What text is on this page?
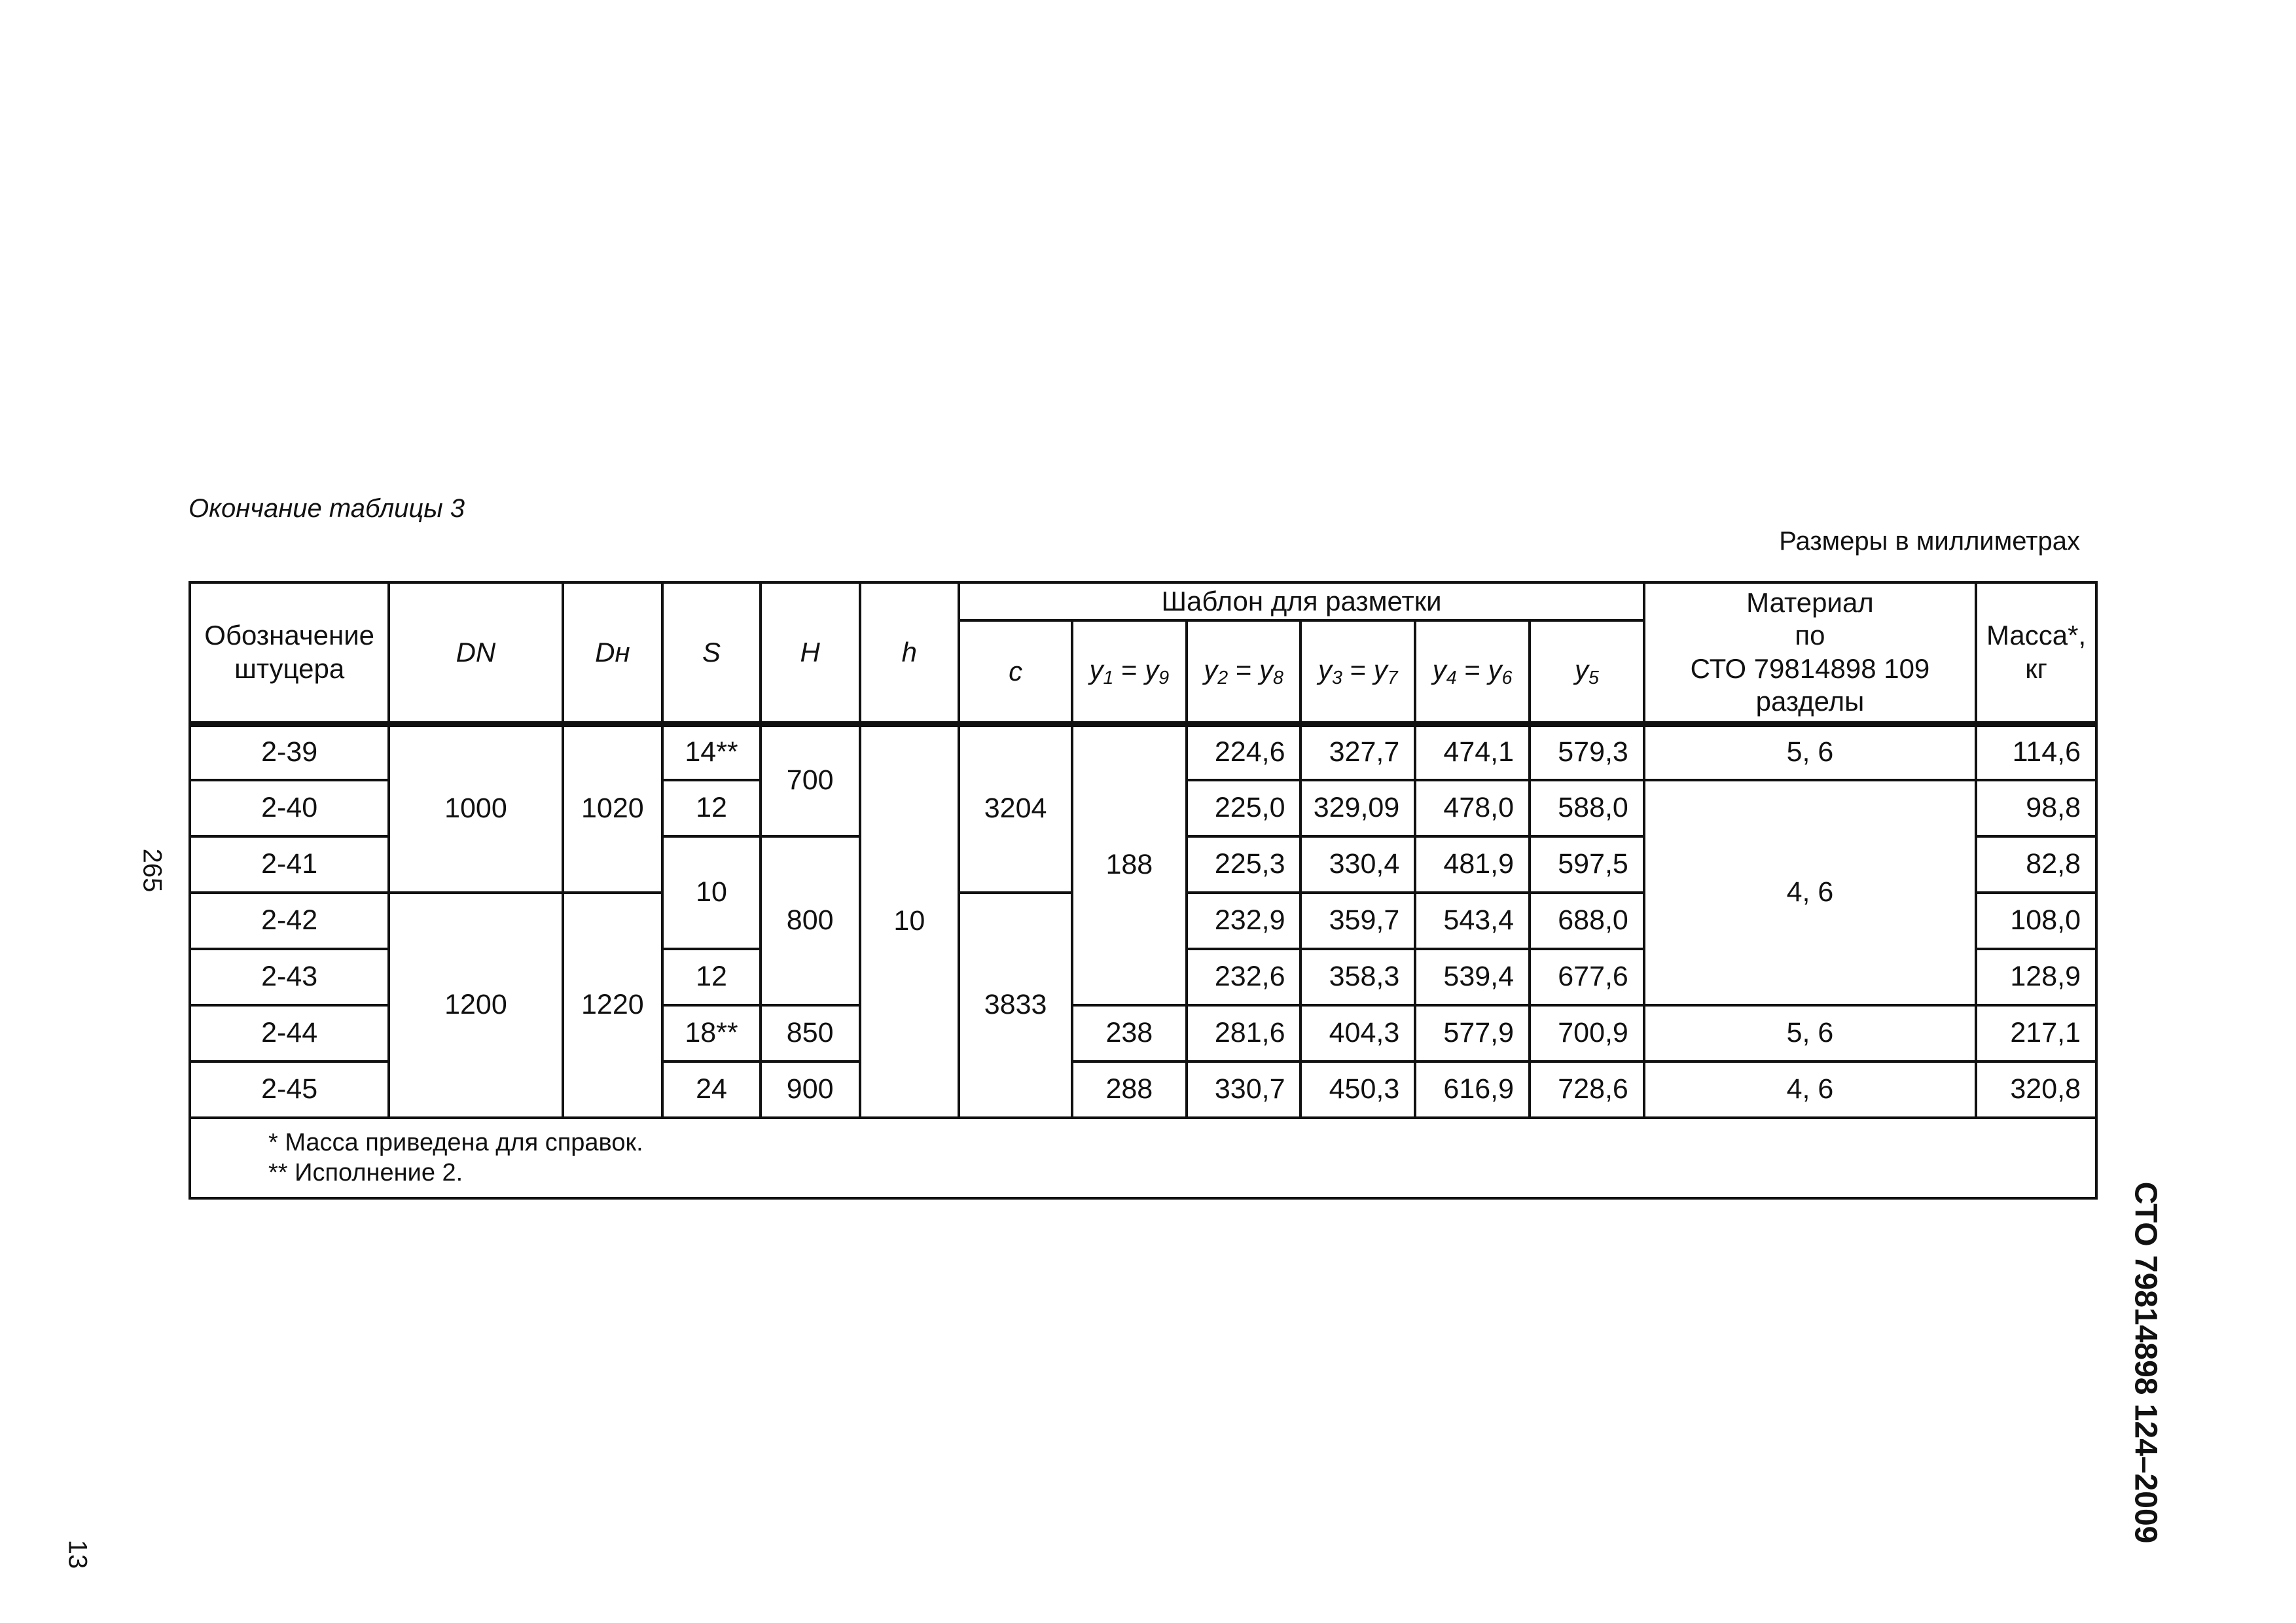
Окончание таблицы 3
Размеры в миллиметрах
265
13
СТО 79814898 124–2009
Обозначение
штуцера	DN	Dн	S	H	h	Шаблон для разметки						Материал
по
СТО 79814898 109
разделы	Масса*,
кг
						c	$y_1 = y_9$	$y_2 = y_8$	$y_3 = y_7$	$y_4 = y_6$	$y_5$
2-39	1000	1020	14**	700	10	3204	188	224,6	327,7	474,1	579,3	5, 6	114,6
2-40			12					225,0	329,09	478,0	588,0	4, 6	98,8
2-41			10	800				225,3	330,4	481,9	597,5		82,8
2-42	1200	1220				3833		232,9	359,7	543,4	688,0		108,0
2-43			12					232,6	358,3	539,4	677,6		128,9
2-44			18**	850			238	281,6	404,3	577,9	700,9	5, 6	217,1
2-45			24	900			288	330,7	450,3	616,9	728,6	4, 6	320,8

* Масса приведена для справок.
** Исполнение 2.													
